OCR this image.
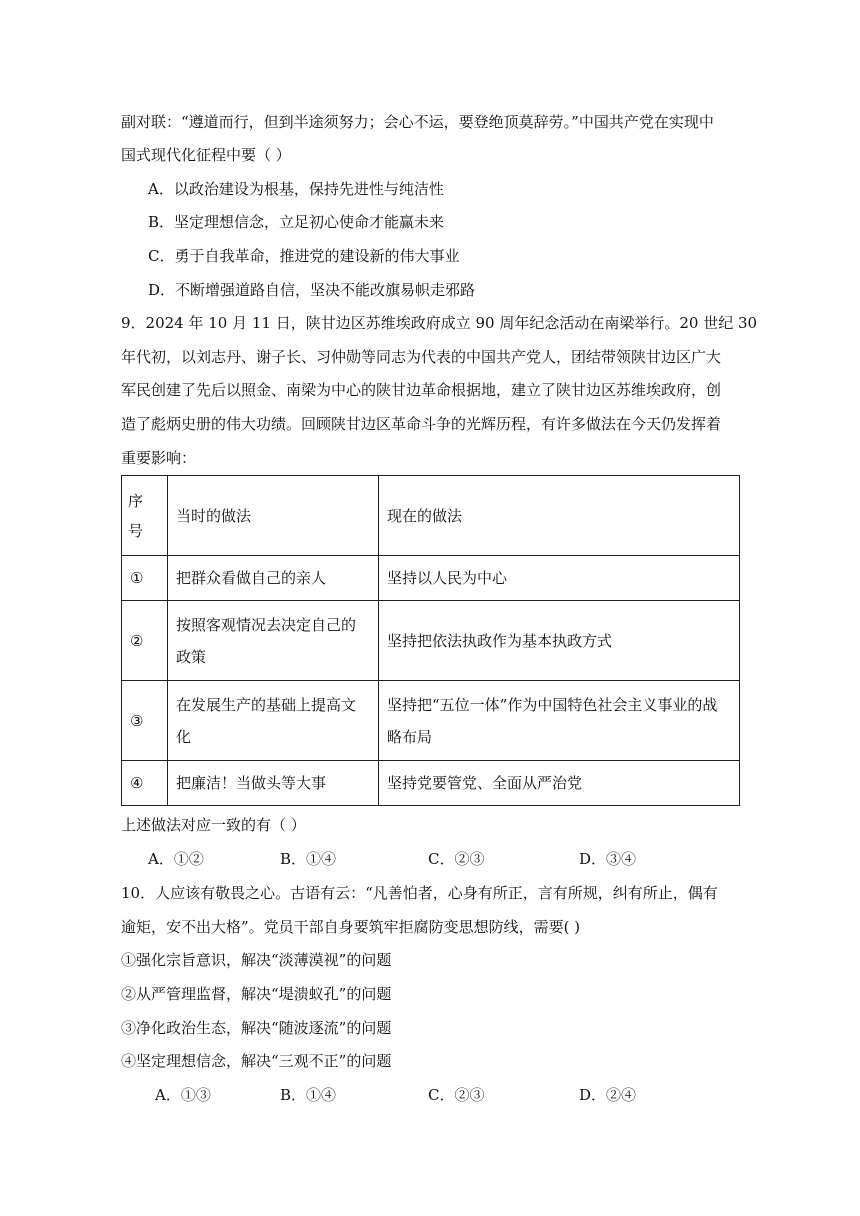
副对联：“遵道而行，但到半途须努力；会心不运，要登绝顶莫辞劳。”中国共产党在实现中
国式现代化征程中要（ ）
A．以政治建设为根基，保持先进性与纯洁性
B．坚定理想信念，立足初心使命才能赢未来
C．勇于自我革命，推进党的建设新的伟大事业
D．不断增强道路自信，坚决不能改旗易帜走邪路
9．2024 年 10 月 11 日，陕甘边区苏维埃政府成立 90 周年纪念活动在南梁举行。20 世纪 30
年代初，以刘志丹、谢子长、习仲勋等同志为代表的中国共产党人，团结带领陕甘边区广大
军民创建了先后以照金、南梁为中心的陕甘边革命根据地，建立了陕甘边区苏维埃政府，创
造了彪炳史册的伟大功绩。回顾陕甘边区革命斗争的光辉历程，有许多做法在今天仍发挥着
重要影响：
序号	当时的做法	现在的做法
①	把群众看做自己的亲人	坚持以人民为中心
②	按照客观情况去决定自己的政策	坚持把依法执政作为基本执政方式
③	在发展生产的基础上提高文化	坚持把“五位一体”作为中国特色社会主义事业的战略布局
④	把廉洁！当做头等大事	坚持党要管党、全面从严治党
上述做法对应一致的有（ ）
A．①②	B．①④	C．②③	D．③④
10．人应该有敬畏之心。古语有云：“凡善怕者，心身有所正，言有所规，纠有所止，偶有
逾矩，安不出大格”。党员干部自身要筑牢拒腐防变思想防线，需要( )
①强化宗旨意识，解决“淡薄漠视”的问题
②从严管理监督，解决“堤溃蚁孔”的问题
③净化政治生态，解决“随波逐流”的问题
④坚定理想信念，解决“三观不正”的问题
A．①③	B．①④	C．②③	D．②④
